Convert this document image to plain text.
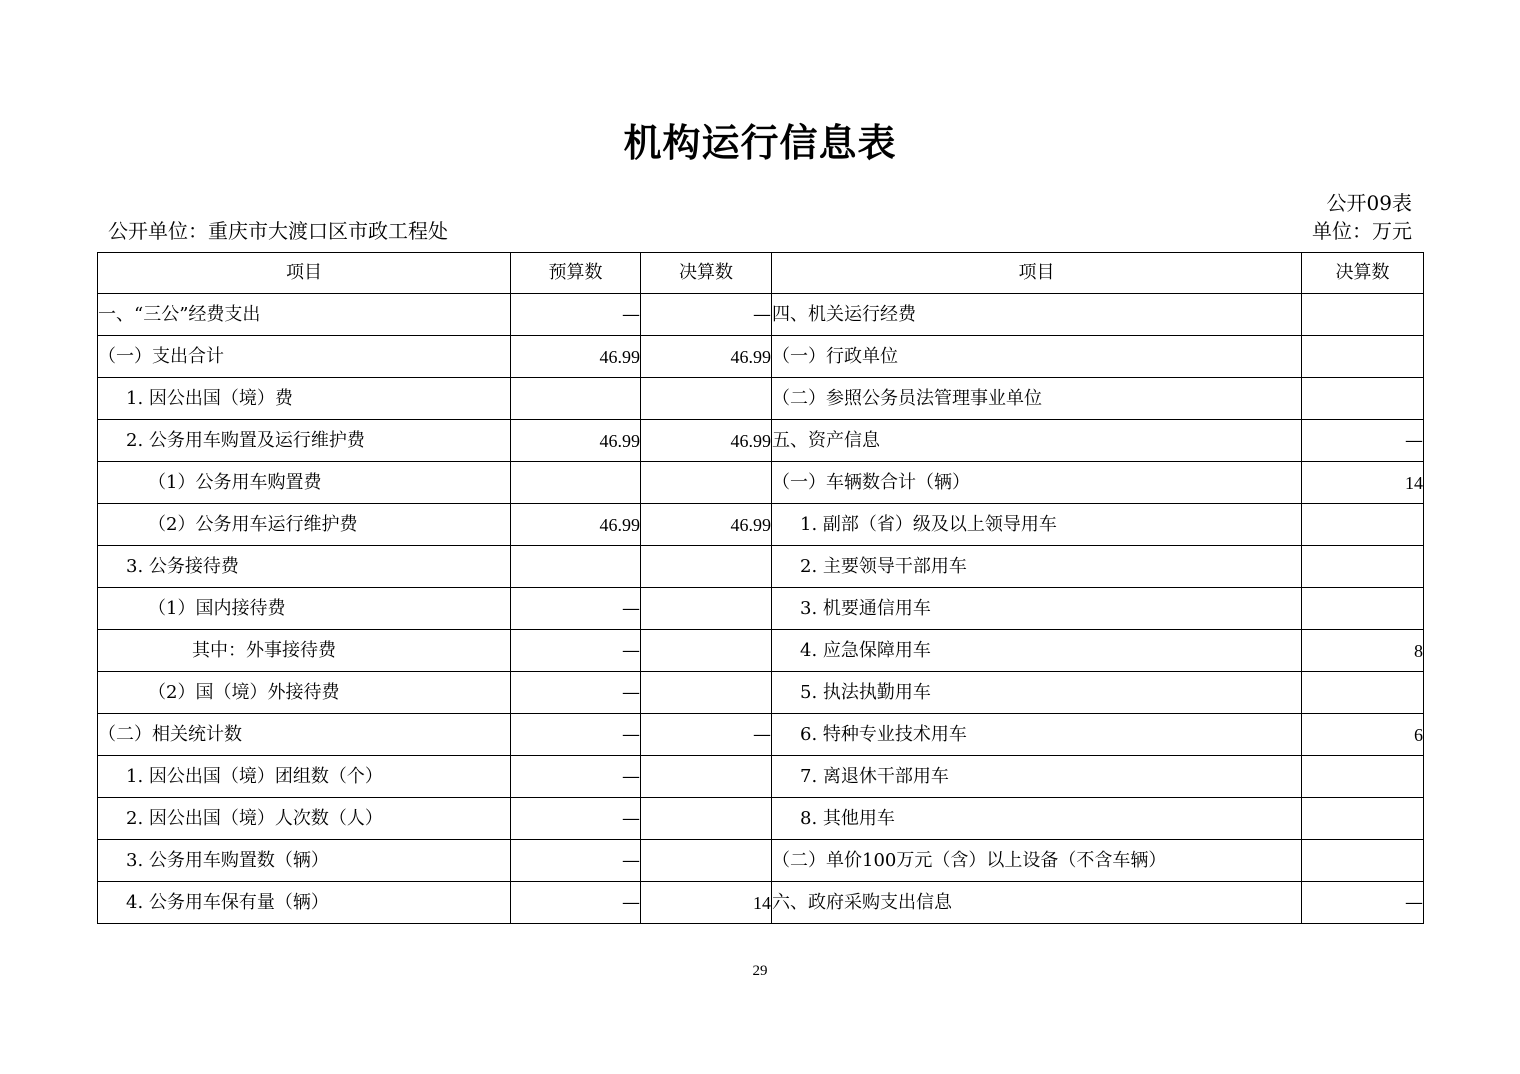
机构运行信息表
公开09表
公开单位：重庆市大渡口区市政工程处	单位：万元
项目	预算数	决算数	项目	决算数
一、“三公”经费支出	—	—	四、机关运行经费	
（一）支出合计	46.99	46.99	（一）行政单位	
1. 因公出国（境）费			（二）参照公务员法管理事业单位	
2. 公务用车购置及运行维护费	46.99	46.99	五、资产信息	—
（1）公务用车购置费			（一）车辆数合计（辆）	14
（2）公务用车运行维护费	46.99	46.99	1. 副部（省）级及以上领导用车	
3. 公务接待费			2. 主要领导干部用车	
（1）国内接待费	—		3. 机要通信用车	
其中：外事接待费	—		4. 应急保障用车	8
（2）国（境）外接待费	—		5. 执法执勤用车	
（二）相关统计数	—	—	6. 特种专业技术用车	6
1. 因公出国（境）团组数（个）	—		7. 离退休干部用车	
2. 因公出国（境）人次数（人）	—		8. 其他用车	
3. 公务用车购置数（辆）	—		（二）单价100万元（含）以上设备（不含车辆）	
4. 公务用车保有量（辆）	—	14	六、政府采购支出信息	—
29
